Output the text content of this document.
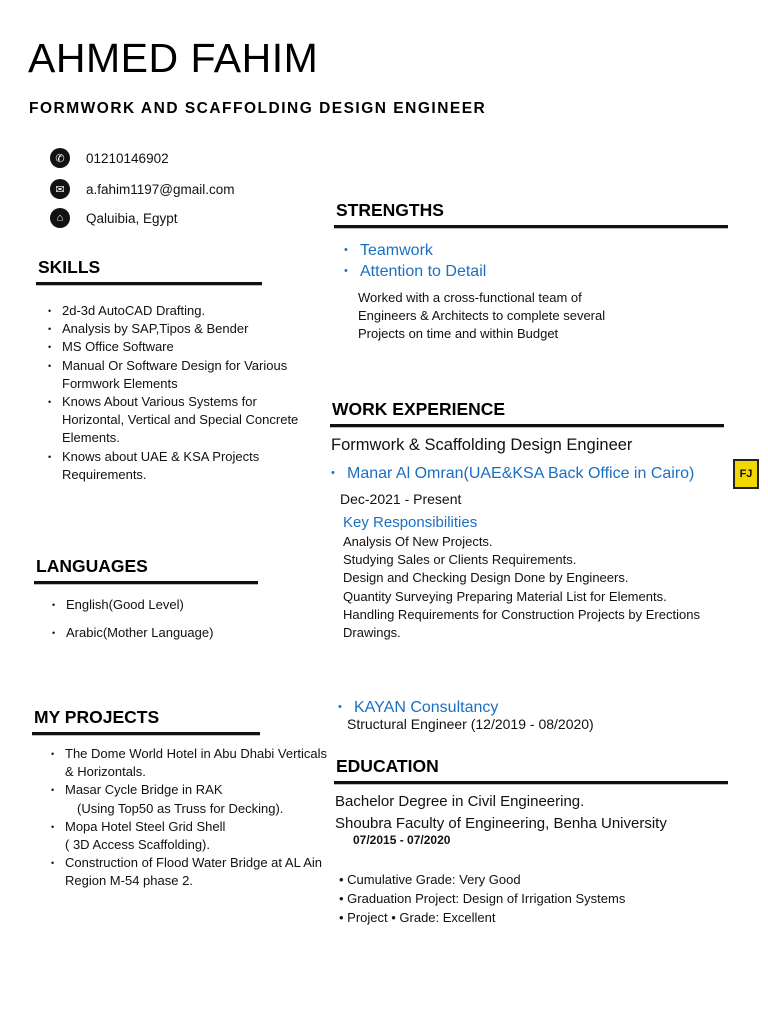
AHMED FAHIM
FORMWORK AND SCAFFOLDING DESIGN ENGINEER
✆	01210146902
✉	a.fahim1197@gmail.com
⌂	Qaluibia, Egypt
SKILLS
• 2d-3d AutoCAD Drafting.
• Analysis by SAP,Tipos & Bender
• MS Office Software
• Manual Or Software Design for Various Formwork Elements
• Knows About Various Systems for Horizontal, Vertical and Special Concrete Elements.
• Knows about UAE & KSA Projects Requirements.
LANGUAGES
• English(Good Level)
• Arabic(Mother Language)
MY PROJECTS
• The Dome World Hotel in Abu Dhabi Verticals & Horizontals.
• Masar Cycle Bridge in RAK
(Using Top50 as Truss for Decking).
• Mopa Hotel Steel Grid Shell
( 3D Access Scaffolding).
• Construction of Flood Water Bridge at AL Ain Region M-54 phase 2.
STRENGTHS
• Teamwork
• Attention to Detail
Worked with a cross-functional team of Engineers & Architects to complete several Projects on time and within Budget
WORK EXPERIENCE
Formwork & Scaffolding Design Engineer
• Manar Al Omran(UAE&KSA Back Office in Cairo)	FJ
Dec-2021 - Present
Key Responsibilities
Analysis Of New Projects.
Studying Sales or Clients Requirements.
Design and Checking Design Done by Engineers.
Quantity Surveying Preparing Material List for Elements.
Handling Requirements for Construction Projects by Erections Drawings.
• KAYAN Consultancy
Structural Engineer (12/2019 - 08/2020)
EDUCATION
Bachelor Degree in Civil Engineering.
Shoubra Faculty of Engineering, Benha University
07/2015 - 07/2020
• Cumulative Grade: Very Good
• Graduation Project: Design of Irrigation Systems
• Project • Grade: Excellent
